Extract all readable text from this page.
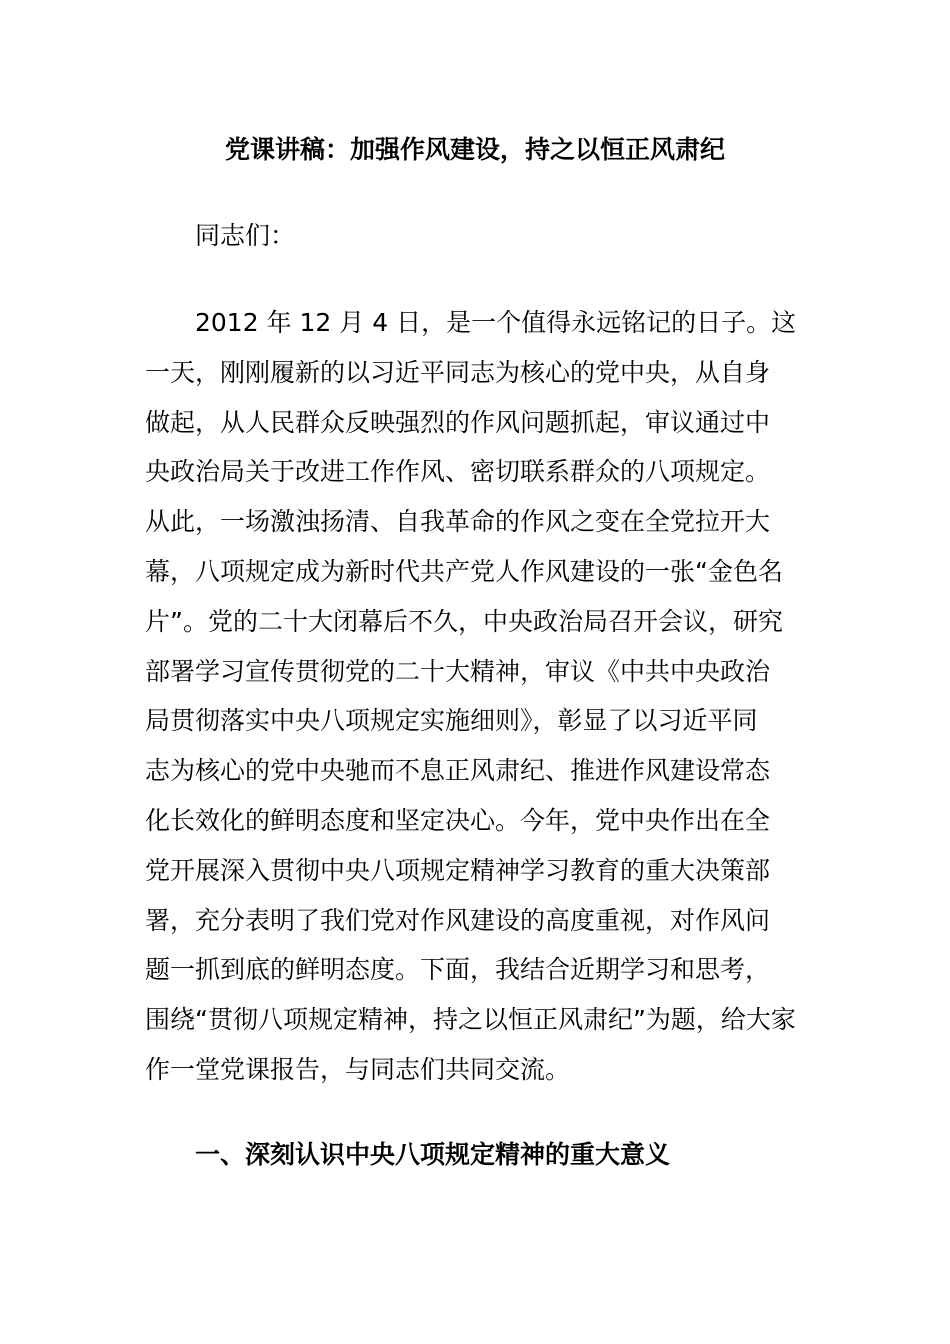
党课讲稿：加强作风建设，持之以恒正风肃纪
同志们：
2012 年 12 月 4 日，是一个值得永远铭记的日子。这
一天，刚刚履新的以习近平同志为核心的党中央，从自身
做起，从人民群众反映强烈的作风问题抓起，审议通过中
央政治局关于改进工作作风、密切联系群众的八项规定。
从此，一场激浊扬清、自我革命的作风之变在全党拉开大
幕，八项规定成为新时代共产党人作风建设的一张“金色名
片”。党的二十大闭幕后不久，中央政治局召开会议，研究
部署学习宣传贯彻党的二十大精神，审议《中共中央政治
局贯彻落实中央八项规定实施细则》，彰显了以习近平同
志为核心的党中央驰而不息正风肃纪、推进作风建设常态
化长效化的鲜明态度和坚定决心。今年，党中央作出在全
党开展深入贯彻中央八项规定精神学习教育的重大决策部
署，充分表明了我们党对作风建设的高度重视，对作风问
题一抓到底的鲜明态度。下面，我结合近期学习和思考，
围绕“贯彻八项规定精神，持之以恒正风肃纪”为题，给大家
作一堂党课报告，与同志们共同交流。
一、深刻认识中央八项规定精神的重大意义
